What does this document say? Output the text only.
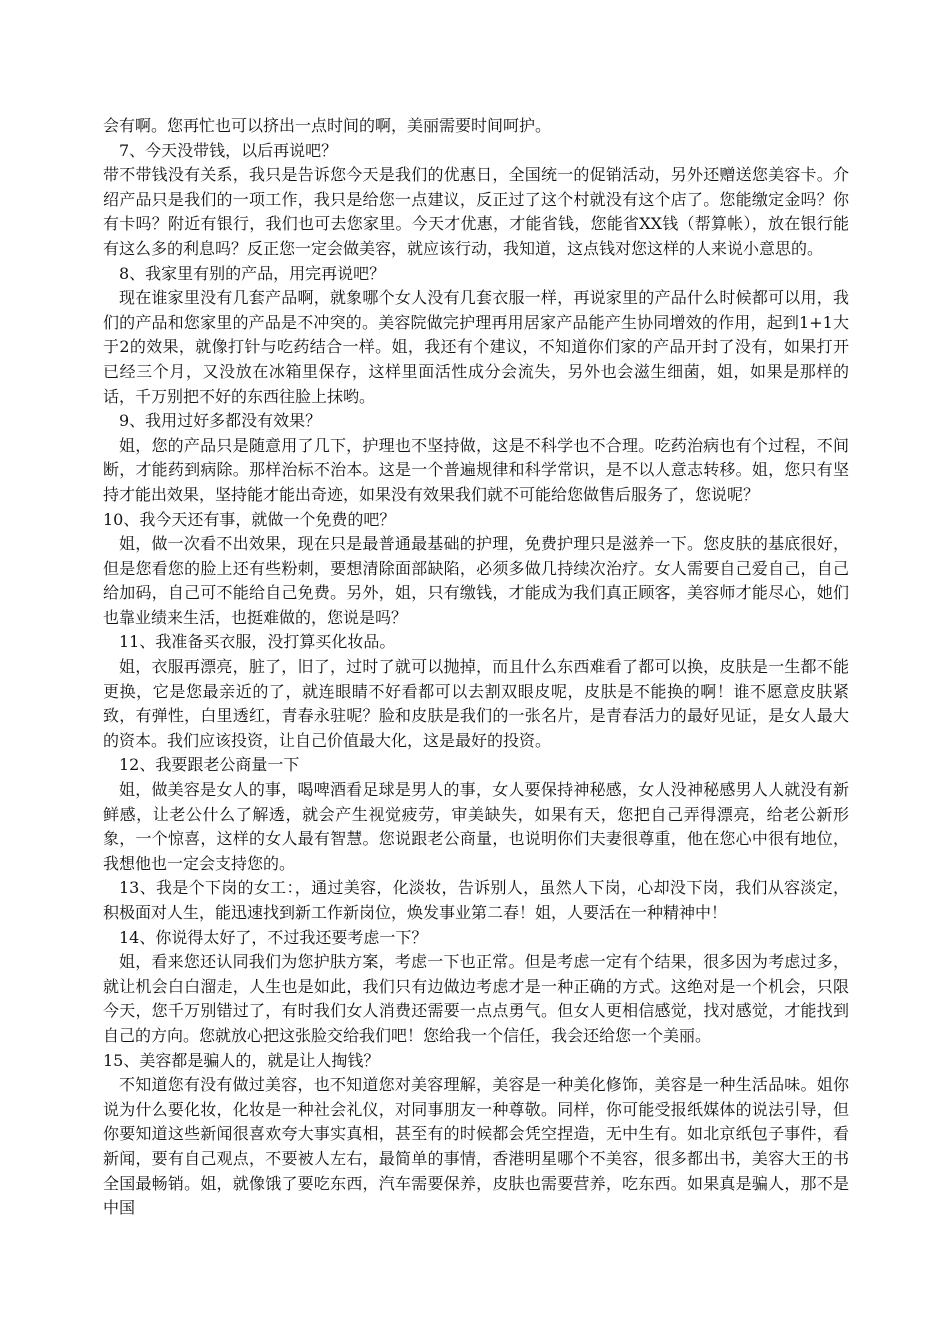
会有啊。您再忙也可以挤出一点时间的啊，美丽需要时间呵护。

7、今天没带钱，以后再说吧？

带不带钱没有关系，我只是告诉您今天是我们的优惠日，全国统一的促销活动，另外还赠送您美容卡。介绍产品只是我们的一项工作，我只是给您一点建议，反正过了这个村就没有这个店了。您能缴定金吗？你有卡吗？附近有银行，我们也可去您家里。今天才优惠，才能省钱，您能省XX钱（帮算帐），放在银行能有这么多的利息吗？反正您一定会做美容，就应该行动，我知道，这点钱对您这样的人来说小意思的。

8、我家里有别的产品，用完再说吧？

现在谁家里没有几套产品啊，就象哪个女人没有几套衣服一样，再说家里的产品什么时候都可以用，我们的产品和您家里的产品是不冲突的。美容院做完护理再用居家产品能产生协同增效的作用，起到1+1大于2的效果，就像打针与吃药结合一样。姐，我还有个建议，不知道你们家的产品开封了没有，如果打开已经三个月，又没放在冰箱里保存，这样里面活性成分会流失，另外也会滋生细菌，姐，如果是那样的话，千万别把不好的东西往脸上抹哟。

9、我用过好多都没有效果？

姐，您的产品只是随意用了几下，护理也不坚持做，这是不科学也不合理。吃药治病也有个过程，不间断，才能药到病除。那样治标不治本。这是一个普遍规律和科学常识，是不以人意志转移。姐，您只有坚持才能出效果，坚持能才能出奇迹，如果没有效果我们就不可能给您做售后服务了，您说呢？

10、我今天还有事，就做一个免费的吧？

姐，做一次看不出效果，现在只是最普通最基础的护理，免费护理只是滋养一下。您皮肤的基底很好，但是您看您的脸上还有些粉刺，要想清除面部缺陷，必须多做几持续次治疗。女人需要自己爱自己，自己给加码，自己可不能给自己免费。另外，姐，只有缴钱，才能成为我们真正顾客，美容师才能尽心，她们也靠业绩来生活，也挺难做的，您说是吗？

11、我准备买衣服，没打算买化妆品。

姐，衣服再漂亮，脏了，旧了，过时了就可以抛掉，而且什么东西难看了都可以换，皮肤是一生都不能更换，它是您最亲近的了，就连眼睛不好看都可以去割双眼皮呢，皮肤是不能换的啊！谁不愿意皮肤紧致，有弹性，白里透红，青春永驻呢？脸和皮肤是我们的一张名片，是青春活力的最好见证，是女人最大的资本。我们应该投资，让自己价值最大化，这是最好的投资。

12、我要跟老公商量一下

姐，做美容是女人的事，喝啤酒看足球是男人的事，女人要保持神秘感，女人没神秘感男人人就没有新鲜感，让老公什么了解透，就会产生视觉疲劳，审美缺失，如果有天，您把自己弄得漂亮，给老公新形象，一个惊喜，这样的女人最有智慧。您说跟老公商量，也说明你们夫妻很尊重，他在您心中很有地位，我想他也一定会支持您的。

13、我是个下岗的女工：，通过美容，化淡妆，告诉别人，虽然人下岗，心却没下岗，我们从容淡定，积极面对人生，能迅速找到新工作新岗位，焕发事业第二春！姐，人要活在一种精神中！

14、你说得太好了，不过我还要考虑一下？

姐，看来您还认同我们为您护肤方案，考虑一下也正常。但是考虑一定有个结果，很多因为考虑过多，就让机会白白溜走，人生也是如此，我们只有边做边考虑才是一种正确的方式。这绝对是一个机会，只限今天，您千万别错过了，有时我们女人消费还需要一点点勇气。但女人更相信感觉，找对感觉，才能找到自己的方向。您就放心把这张脸交给我们吧！您给我一个信任，我会还给您一个美丽。

15、美容都是骗人的，就是让人掏钱？

不知道您有没有做过美容，也不知道您对美容理解，美容是一种美化修饰，美容是一种生活品味。姐你说为什么要化妆，化妆是一种社会礼仪，对同事朋友一种尊敬。同样，你可能受报纸媒体的说法引导，但你要知道这些新闻很喜欢夸大事实真相，甚至有的时候都会凭空捏造，无中生有。如北京纸包子事件，看新闻，要有自己观点，不要被人左右，最简单的事情，香港明星哪个不美容，很多都出书，美容大王的书全国最畅销。姐，就像饿了要吃东西，汽车需要保养，皮肤也需要营养，吃东西。如果真是骗人，那不是中国
